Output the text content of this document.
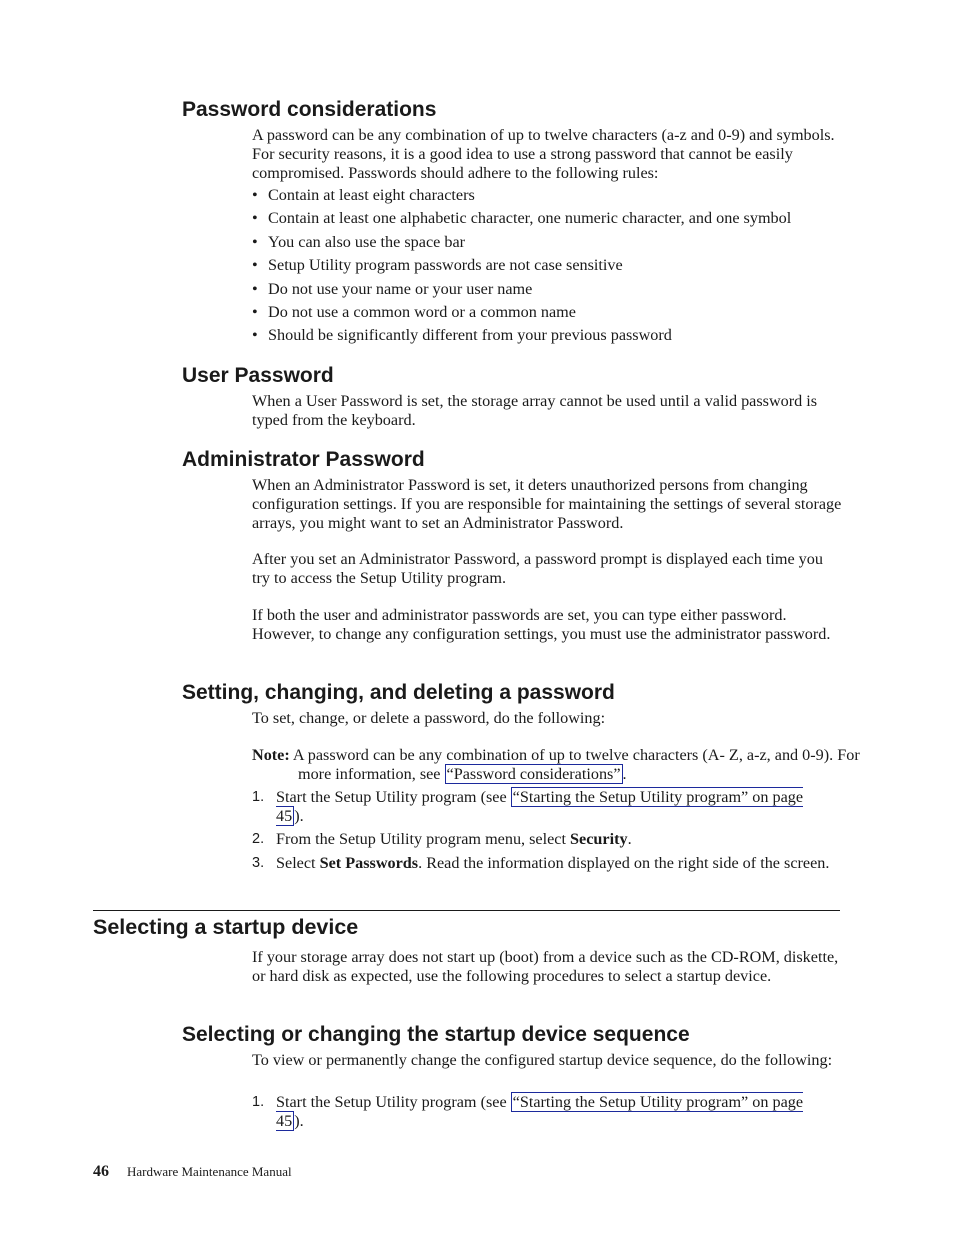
Password considerations

A password can be any combination of up to twelve characters (a-z and 0-9) and symbols. For security reasons, it is a good idea to use a strong password that cannot be easily compromised. Passwords should adhere to the following rules:

• Contain at least eight characters
• Contain at least one alphabetic character, one numeric character, and one symbol
• You can also use the space bar
• Setup Utility program passwords are not case sensitive
• Do not use your name or your user name
• Do not use a common word or a common name
• Should be significantly different from your previous password
User Password

When a User Password is set, the storage array cannot be used until a valid password is typed from the keyboard.

Administrator Password

When an Administrator Password is set, it deters unauthorized persons from changing configuration settings. If you are responsible for maintaining the settings of several storage arrays, you might want to set an Administrator Password.

After you set an Administrator Password, a password prompt is displayed each time you try to access the Setup Utility program.

If both the user and administrator passwords are set, you can type either password. However, to change any configuration settings, you must use the administrator password.

Setting, changing, and deleting a password

To set, change, or delete a password, do the following:

Note: A password can be any combination of up to twelve characters (A- Z, a-z, and 0-9). For more information, see “Password considerations” .

1. Start the Setup Utility program (see “Starting the Setup Utility program” on page 45 ).
2. From the Setup Utility program menu, select Security.
3. Select Set Passwords. Read the information displayed on the right side of the screen.
Selecting a startup device

If your storage array does not start up (boot) from a device such as the CD-ROM, diskette, or hard disk as expected, use the following procedures to select a startup device.

Selecting or changing the startup device sequence

To view or permanently change the configured startup device sequence, do the following:

1. Start the Setup Utility program (see “Starting the Setup Utility program” on page 45 ).
46 Hardware Maintenance Manual
